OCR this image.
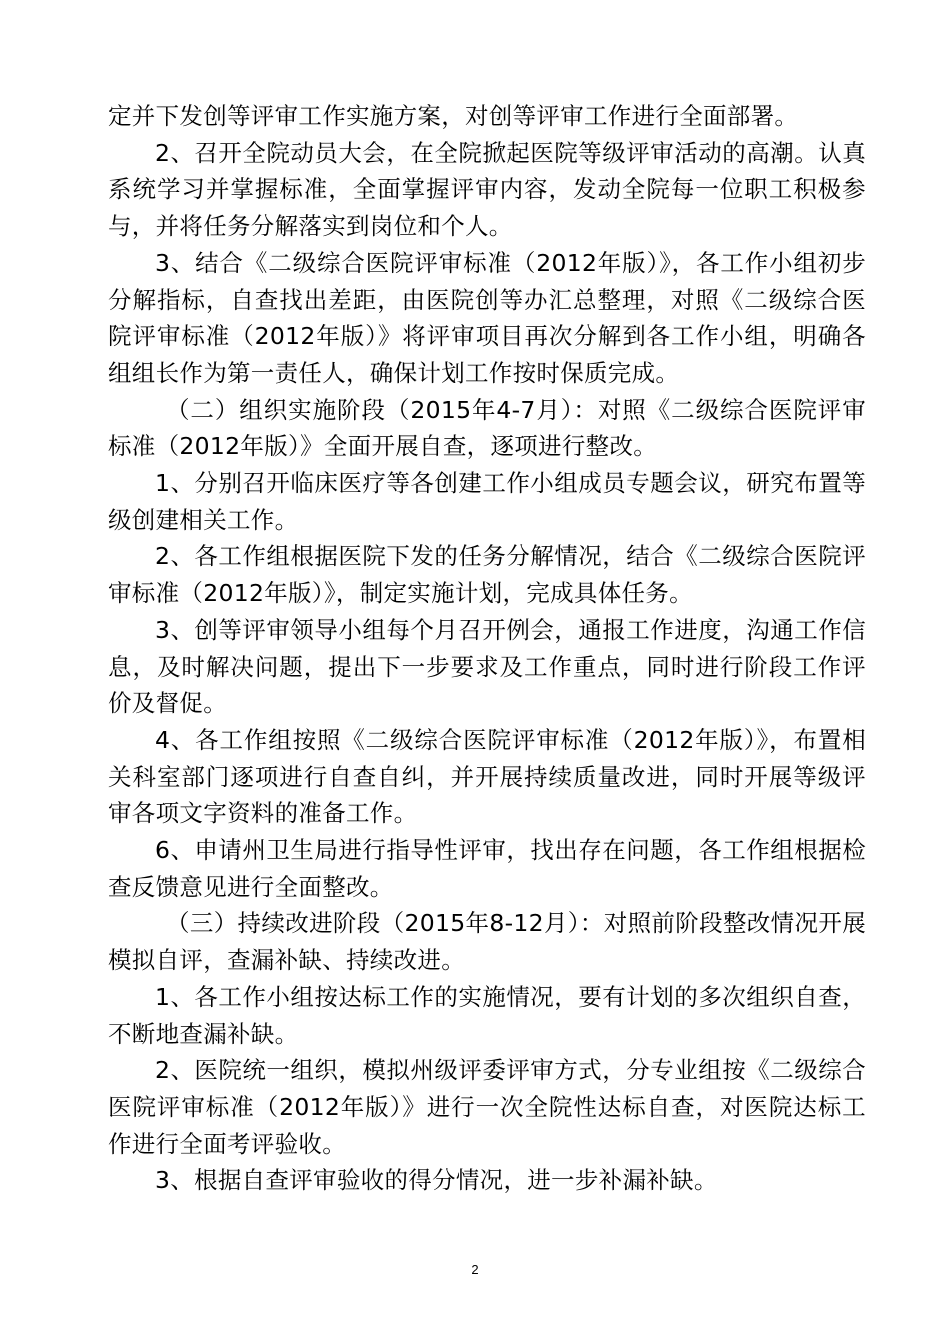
定并下发创等评审工作实施方案，对创等评审工作进行全面部署。

2、召开全院动员大会，在全院掀起医院等级评审活动的高潮。认真系统学习并掌握标准，全面掌握评审内容，发动全院每一位职工积极参与，并将任务分解落实到岗位和个人。

3、结合《二级综合医院评审标准（2012年版）》，各工作小组初步分解指标，自查找出差距，由医院创等办汇总整理，对照《二级综合医院评审标准（2012年版）》将评审项目再次分解到各工作小组，明确各组组长作为第一责任人，确保计划工作按时保质完成。

（二）组织实施阶段（2015年4-7月）：对照《二级综合医院评审标准（2012年版）》全面开展自查，逐项进行整改。

1、分别召开临床医疗等各创建工作小组成员专题会议，研究布置等级创建相关工作。

2、各工作组根据医院下发的任务分解情况，结合《二级综合医院评审标准（2012年版）》，制定实施计划，完成具体任务。

3、创等评审领导小组每个月召开例会，通报工作进度，沟通工作信息，及时解决问题，提出下一步要求及工作重点，同时进行阶段工作评价及督促。

4、各工作组按照《二级综合医院评审标准（2012年版）》，布置相关科室部门逐项进行自查自纠，并开展持续质量改进，同时开展等级评审各项文字资料的准备工作。

6、申请州卫生局进行指导性评审，找出存在问题，各工作组根据检查反馈意见进行全面整改。

（三）持续改进阶段（2015年8-12月）：对照前阶段整改情况开展模拟自评，查漏补缺、持续改进。

1、各工作小组按达标工作的实施情况，要有计划的多次组织自查，不断地查漏补缺。

2、医院统一组织，模拟州级评委评审方式，分专业组按《二级综合医院评审标准（2012年版）》进行一次全院性达标自查，对医院达标工作进行全面考评验收。

3、根据自查评审验收的得分情况，进一步补漏补缺。

2
